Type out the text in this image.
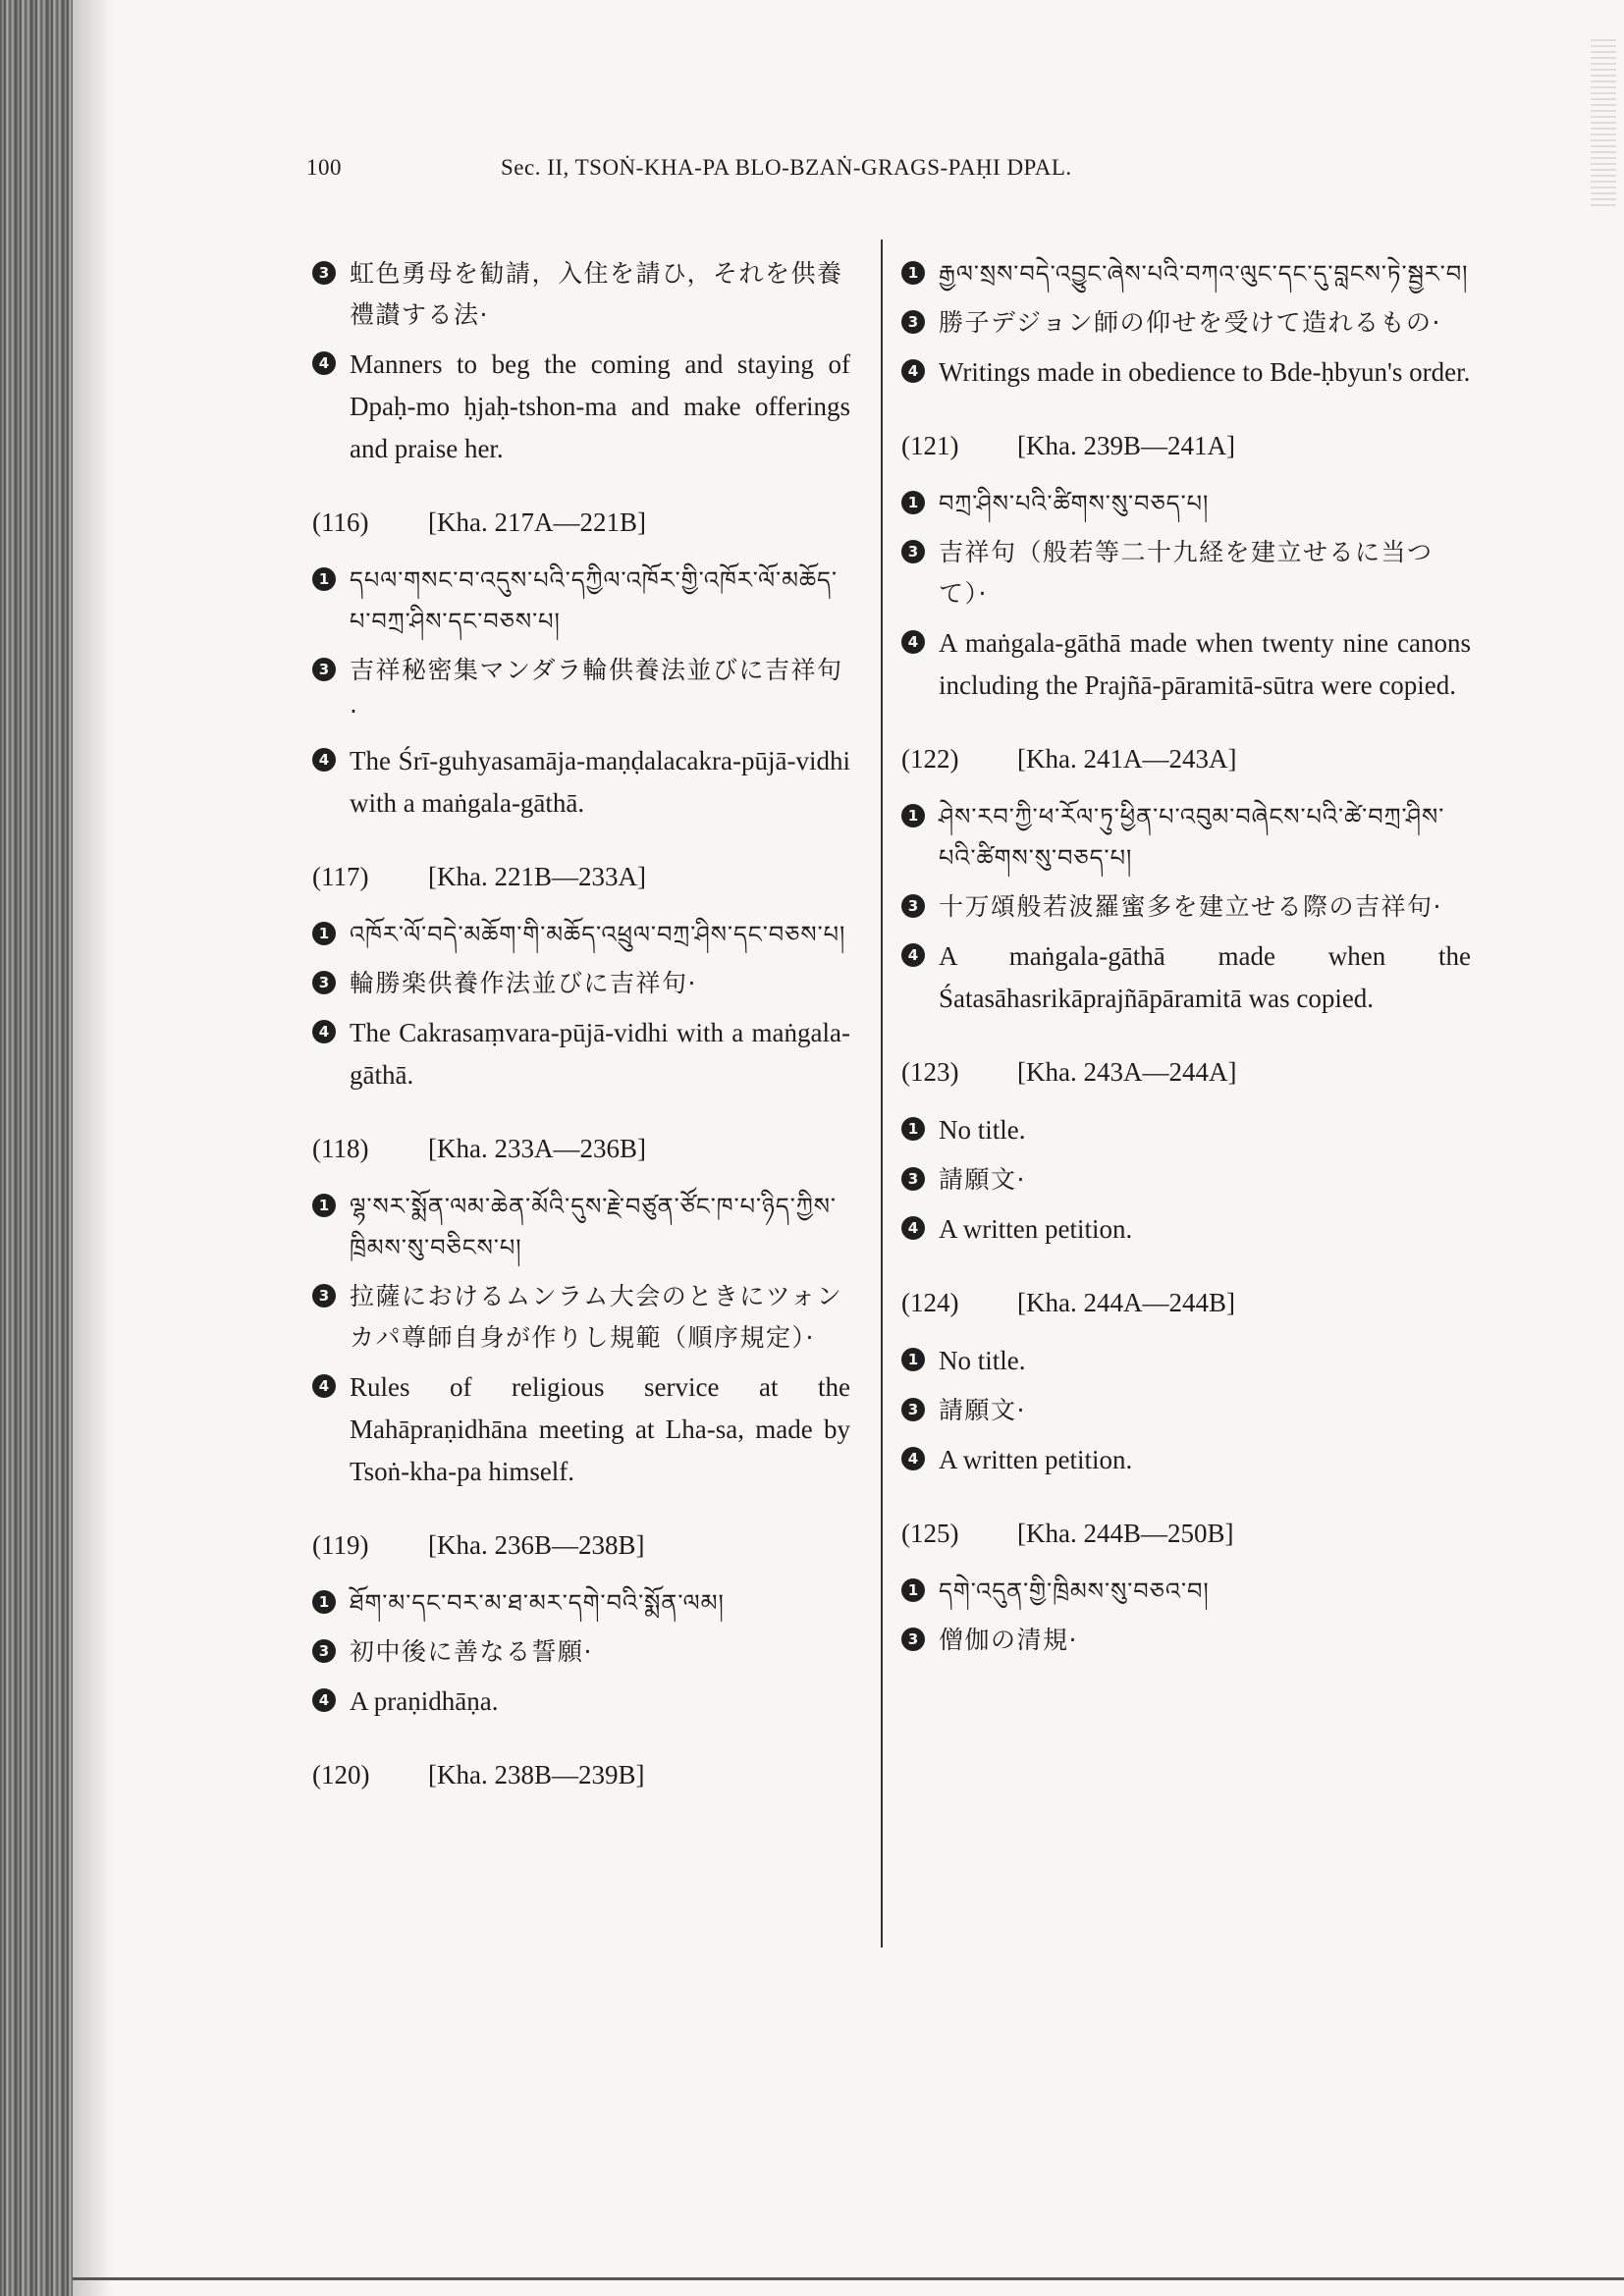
100	Sec. II, TSOṄ-KHA-PA BLO-BZAṄ-GRAGS-PAḤI DPAL.
3 虹色勇母を勧請，入住を請ひ，それを供養禮讃する法·
4 Manners to beg the coming and staying of Dpaḥ-mo ḥjaḥ-tshon-ma and make offerings and praise her.
(116) [Kha. 217A—221B]
1 དཔལ་གསང་བ་འདུས་པའི་དཀྱིལ་འཁོར་གྱི་འཁོར་ལོ་མཆོད་པ་བཀྲ་ཤིས་དང་བཅས་པ།
3 吉祥秘密集マンダラ輪供養法並びに吉祥句·
4 The Śrī-guhyasamāja-maṇḍalacakra-pūjā-vidhi with a maṅgala-gāthā.
(117) [Kha. 221B—233A]
1 འཁོར་ལོ་བདེ་མཆོག་གི་མཆོད་འཕྲུལ་བཀྲ་ཤིས་དང་བཅས་པ།
3 輪勝楽供養作法並びに吉祥句·
4 The Cakrasaṃvara-pūjā-vidhi with a maṅgala-gāthā.
(118) [Kha. 233A—236B]
1 ལྷ་སར་སྨོན་ལམ་ཆེན་མོའི་དུས་རྗེ་བཙུན་ཙོང་ཁ་པ་ཉིད་ཀྱིས་ཁྲིམས་སུ་བཅིངས་པ།
3 拉薩におけるムンラム大会のときにツォンカパ尊師自身が作りし規範（順序規定）·
4 Rules of religious service at the Mahāpraṇidhāna meeting at Lha-sa, made by Tsoṅ-kha-pa himself.
(119) [Kha. 236B—238B]
1 ཐོག་མ་དང་བར་མ་ཐ་མར་དགེ་བའི་སྨོན་ལམ།
3 初中後に善なる誓願·
4 A praṇidhāṇa.
(120) [Kha. 238B—239B]
1 རྒྱལ་སྲས་བདེ་འབྱུང་ཞེས་པའི་བཀའ་ལུང་དང་དུ་བླངས་ཏེ་སྦྱར་བ།
3 勝子デジョン師の仰せを受けて造れるもの·
4 Writings made in obedience to Bde-ḥbyun's order.
(121) [Kha. 239B—241A]
1 བཀྲ་ཤིས་པའི་ཚིགས་སུ་བཅད་པ།
3 吉祥句（般若等二十九経を建立せるに当つて）·
4 A maṅgala-gāthā made when twenty nine canons including the Prajñā-pāramitā-sūtra were copied.
(122) [Kha. 241A—243A]
1 ཤེས་རབ་ཀྱི་ཕ་རོལ་ཏུ་ཕྱིན་པ་འབུམ་བཞེངས་པའི་ཚེ་བཀྲ་ཤིས་པའི་ཚིགས་སུ་བཅད་པ།
3 十万頌般若波羅蜜多を建立せる際の吉祥句·
4 A maṅgala-gāthā made when the Śatasāhasrikāprajñāpāramitā was copied.
(123) [Kha. 243A—244A]
1 No title.
3 請願文·
4 A written petition.
(124) [Kha. 244A—244B]
1 No title.
3 請願文·
4 A written petition.
(125) [Kha. 244B—250B]
1 དགེ་འདུན་གྱི་ཁྲིམས་སུ་བཅའ་བ།
3 僧伽の清規·
